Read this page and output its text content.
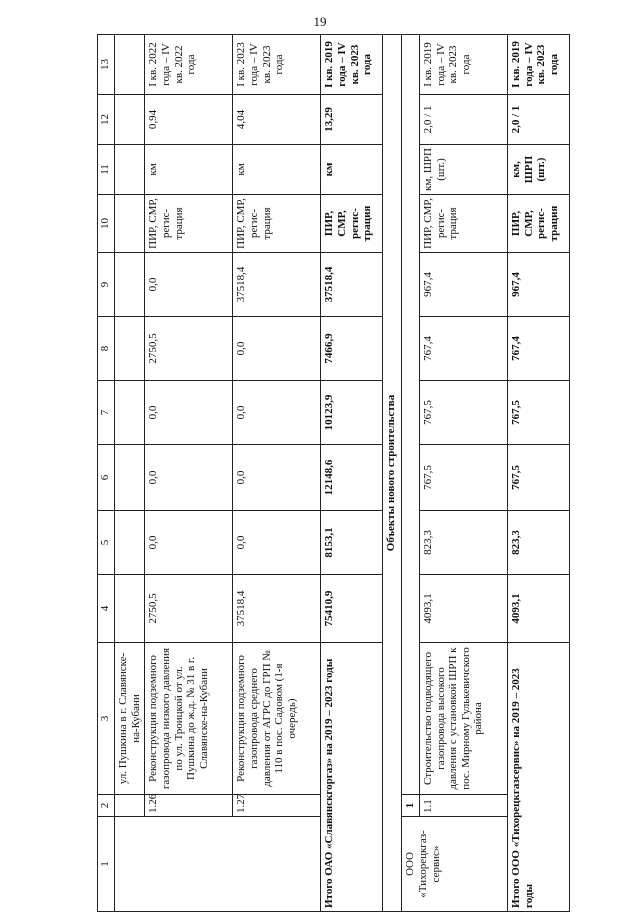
19
1	2	3	4	5	6	7	8	9	10	11	12	13
		ул. Пушкина в г. Славянске-на-Кубани										
	1.26	Реконструкция подземного газопровода низкого давления по ул. Троицкой от ул. Пушкина до ж.д. № 31 в г. Славянске-на-Кубани	2750,5	0,0	0,0	0,0	2750,5	0,0	ПИР, СМР, регис-трация	км	0,94	I кв. 2022 года – IV кв. 2022 года
	1.27	Реконструкция подземного газопровода среднего давления от АГРС до ГРП № 110 в пос. Садовом (1-я очередь)	37518,4	0,0	0,0	0,0	0,0	37518,4	ПИР, СМР, регис-трация	км	4,04	I кв. 2023 года – IV кв. 2023 года
Итого ОАО «Славянскгоргаз» на 2019 – 2023 годы			75410,9	8153,1	12148,6	10123,9	7466,9	37518,4	ПИР, СМР, регис-трация	км	13,29	I кв. 2019 года – IV кв. 2023 года
Объекты нового строительства												
ООО «Тихорецкгаз-сервис»	1											
	1.1	Строительство подводящего газопровода высокого давления с установкой ШРП к пос. Мирному Гулькевичского района	4093,1	823,3	767,5	767,5	767,4	967,4	ПИР, СМР, регис-трация	км, ШРП (шт.)	2,0 / 1	I кв. 2019 года – IV кв. 2023 года
Итого ООО «Тихорецкгазсервис» на 2019 – 2023 годы			4093,1	823,3	767,5	767,5	767,4	967,4	ПИР, СМР, регис-трация	км, ШРП (шт.)	2,0 / 1	I кв. 2019 года – IV кв. 2023 года
